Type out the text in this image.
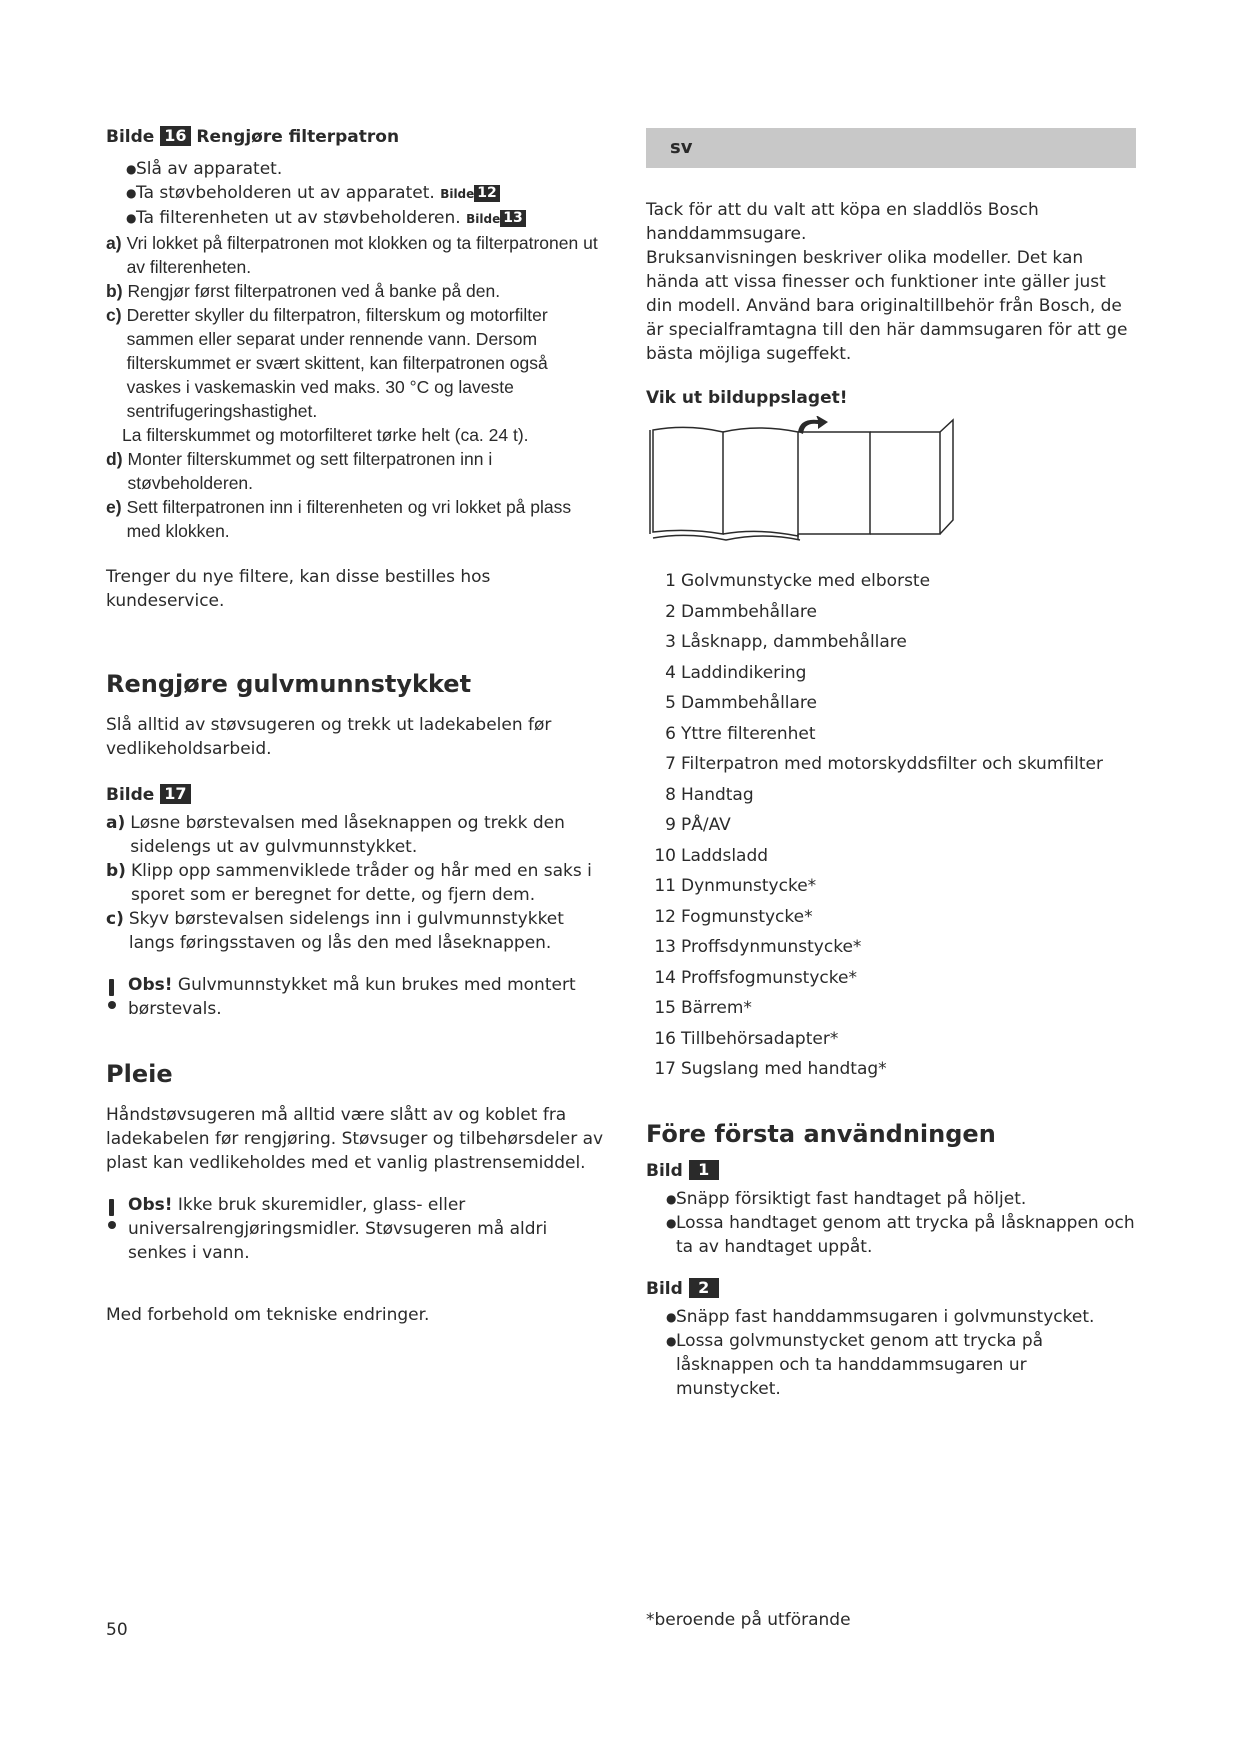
Bilde 16 Rengjøre filterpatron

● Slå av apparatet.
● Ta støvbeholderen ut av apparatet. Bilde 12
● Ta filterenheten ut av støvbeholderen. Bilde 13
a) Vri lokket på filterpatronen mot klokken og ta filterpatronen ut av filterenheten.
b) Rengjør først filterpatronen ved å banke på den.
c) Deretter skyller du filterpatron, filterskum og motorfilter sammen eller separat under rennende vann. Dersom filterskummet er svært skittent, kan filterpatronen også vaskes i vaskemaskin ved maks. 30 °C og laveste sentrifugeringshastighet.
La filterskummet og motorfilteret tørke helt (ca. 24 t).
d) Monter filterskummet og sett filterpatronen inn i støvbeholderen.
e) Sett filterpatronen inn i filterenheten og vri lokket på plass med klokken.

Trenger du nye filtere, kan disse bestilles hos kundeservice.

Rengjøre gulvmunnstykket

Slå alltid av støvsugeren og trekk ut ladekabelen før vedlikeholdsarbeid.

Bilde 17

a) Løsne børstevalsen med låseknappen og trekk den sidelengs ut av gulvmunnstykket.
b) Klipp opp sammenviklede tråder og hår med en saks i sporet som er beregnet for dette, og fjern dem.
c) Skyv børstevalsen sidelengs inn i gulvmunnstykket langs føringsstaven og lås den med låseknappen.
Obs! Gulvmunnstykket må kun brukes med montert børstevals.
Pleie

Håndstøvsugeren må alltid være slått av og koblet fra ladekabelen før rengjøring. Støvsuger og tilbehørsdeler av plast kan vedlikeholdes med et vanlig plastrensemiddel.

Obs! Ikke bruk skuremidler, glass- eller universalrengjøringsmidler. Støvsugeren må aldri senkes i vann.

Med forbehold om tekniske endringer.

sv

Tack för att du valt att köpa en sladdlös Bosch handdammsugare.

Bruksanvisningen beskriver olika modeller. Det kan hända att vissa finesser och funktioner inte gäller just din modell. Använd bara originaltillbehör från Bosch, de är specialframtagna till den här dammsugaren för att ge bästa möjliga sugeffekt.

Vik ut bilduppslaget!

1 Golvmunstycke med elborste
2 Dammbehållare
3 Låsknapp, dammbehållare
4 Laddindikering
5 Dammbehållare
6 Yttre filterenhet
7 Filterpatron med motorskyddsfilter och skumfilter
8 Handtag
9 PÅ/AV
10 Laddsladd
11 Dynmunstycke*
12 Fogmunstycke*
13 Proffsdynmunstycke*
14 Proffsfogmunstycke*
15 Bärrem*
16 Tillbehörsadapter*
17 Sugslang med handtag*
Före första användningen

Bild 1

● Snäpp försiktigt fast handtaget på höljet.
● Lossa handtaget genom att trycka på låsknappen och ta av handtaget uppåt.

Bild 2

● Snäpp fast handdammsugaren i golvmunstycket.
● Lossa golvmunstycket genom att trycka på låsknappen och ta handdammsugaren ur munstycket.
50	*beroende på utförande
